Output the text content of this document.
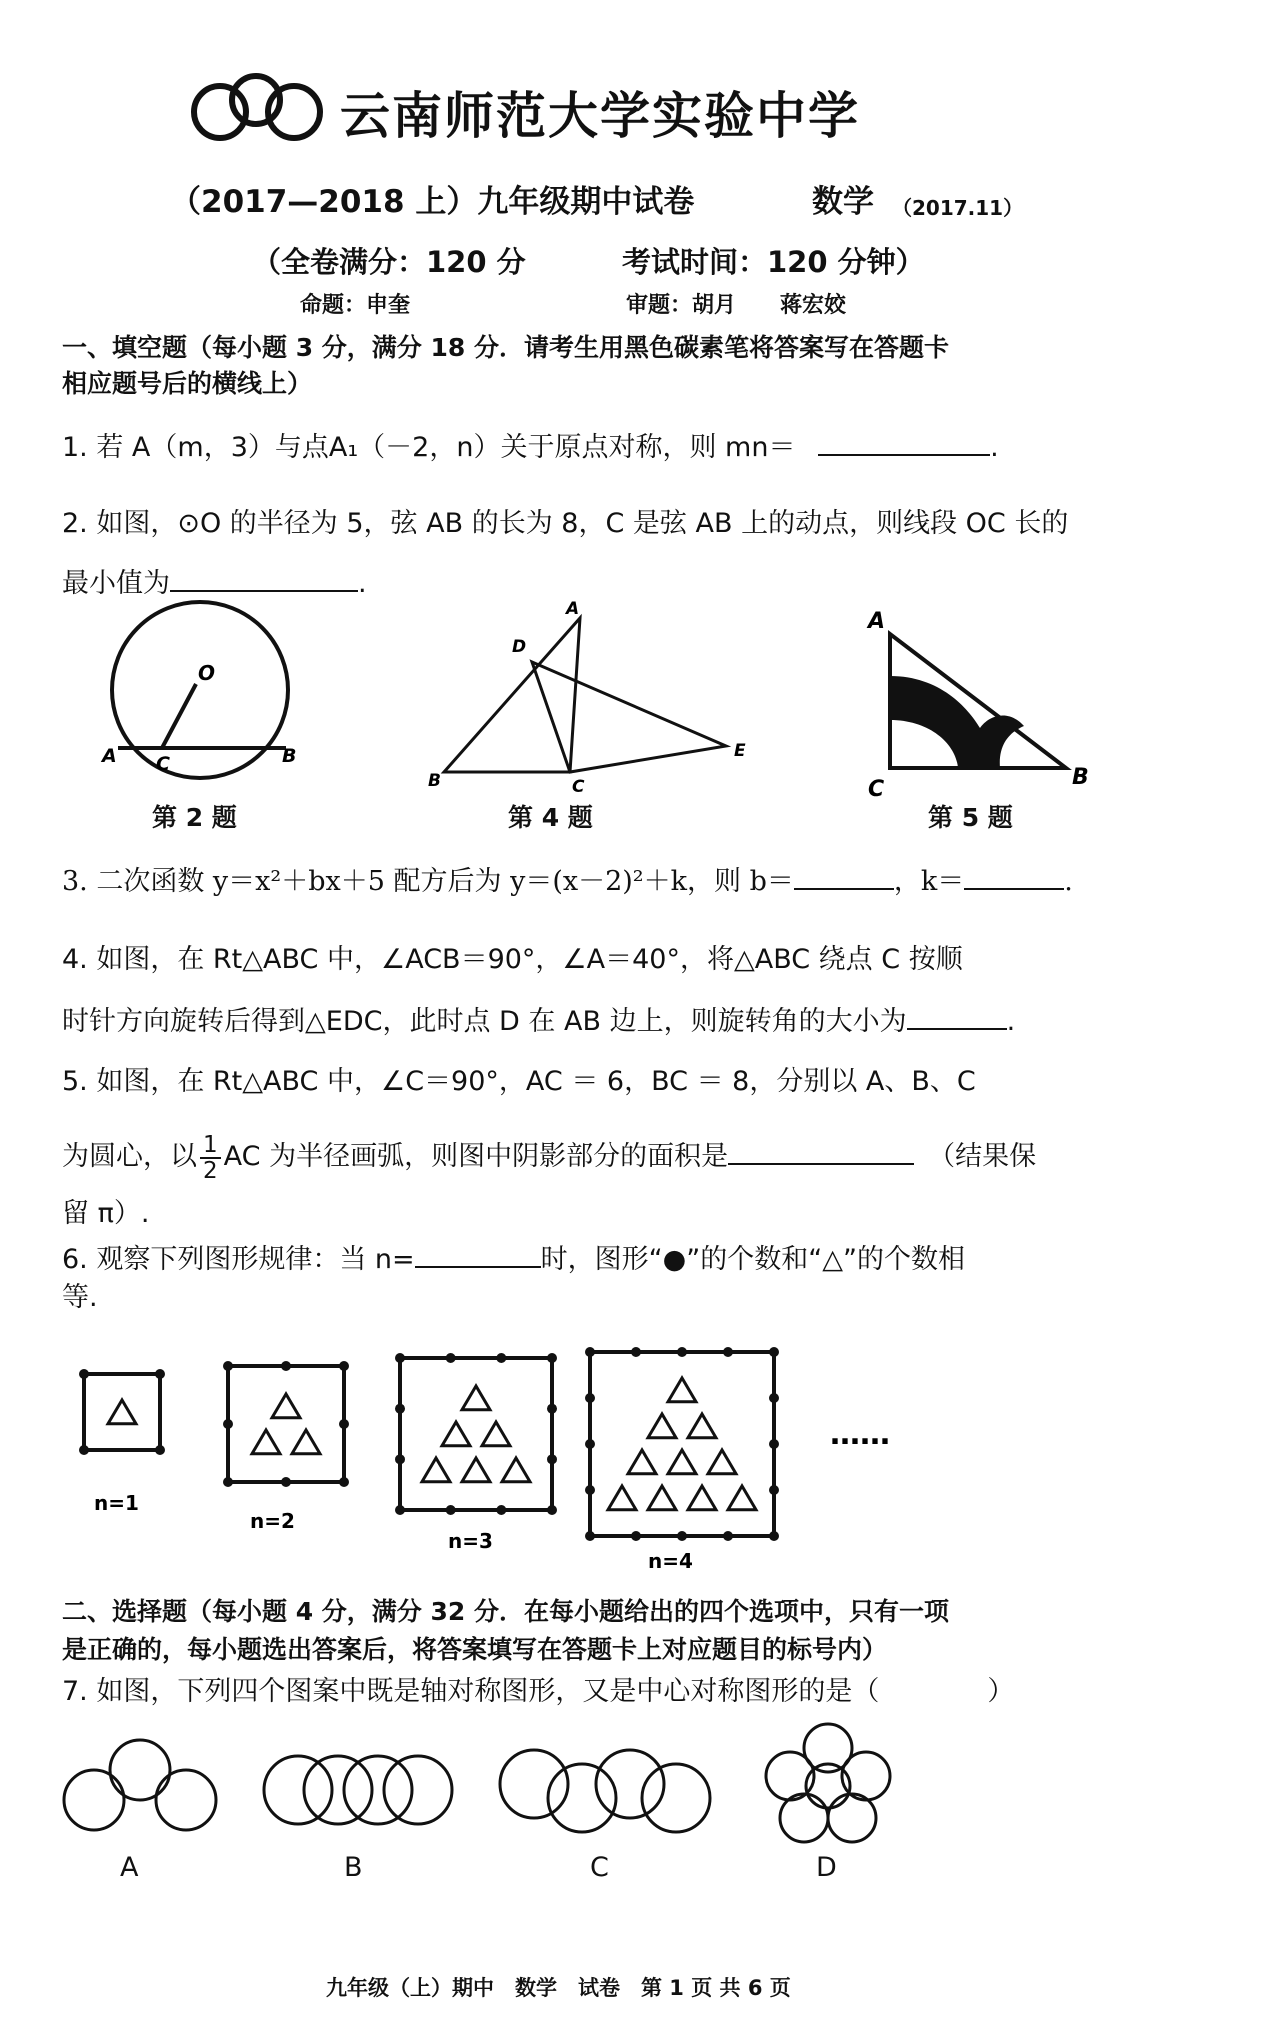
云南师范大学实验中学
（2017—2018 上）九年级期中试卷	数学 （2017.11）
（全卷满分：120 分	考试时间：120 分钟）
命题：申奎	审题：胡月　　蒋宏姣
一、填空题（每小题 3 分，满分 18 分．请考生用黑色碳素笔将答案写在答题卡
相应题号后的横线上）
1. 若 A（m，3）与点A₁（－2，n）关于原点对称，则 mn＝	.
2. 如图，⊙O 的半径为 5，弦 AB 的长为 8，C 是弦 AB 上的动点，则线段 OC 长的
最小值为	.
O
A	B
C
第 2 题
A
D
B	C
E
第 4 题
A
C	B
第 5 题
3. 二次函数 y＝x²＋bx＋5 配方后为 y＝(x－2)²＋k，则 b＝	，k＝	.
4. 如图，在 Rt△ABC 中，∠ACB＝90°，∠A＝40°，将△ABC 绕点 C 按顺
时针方向旋转后得到△EDC，此时点 D 在 AB 边上，则旋转角的大小为	.
5. 如图，在 Rt△ABC 中，∠C＝90°，AC ＝ 6，BC ＝ 8，分别以 A、B、C
为圆心，以 $\frac{1}{2}$ AC 为半径画弧，则图中阴影部分的面积是	（结果保
留 π）.
6. 观察下列图形规律：当 n=	时，图形“●”的个数和“△”的个数相
等.
n=1
n=2
n=3
n=4
……
二、选择题（每小题 4 分，满分 32 分．在每小题给出的四个选项中，只有一项
是正确的，每小题选出答案后，将答案填写在答题卡上对应题目的标号内）
7. 如图，下列四个图案中既是轴对称图形，又是中心对称图形的是（　　　　）
A	B	C	D
九年级（上）期中　数学　试卷　第 1 页 共 6 页
